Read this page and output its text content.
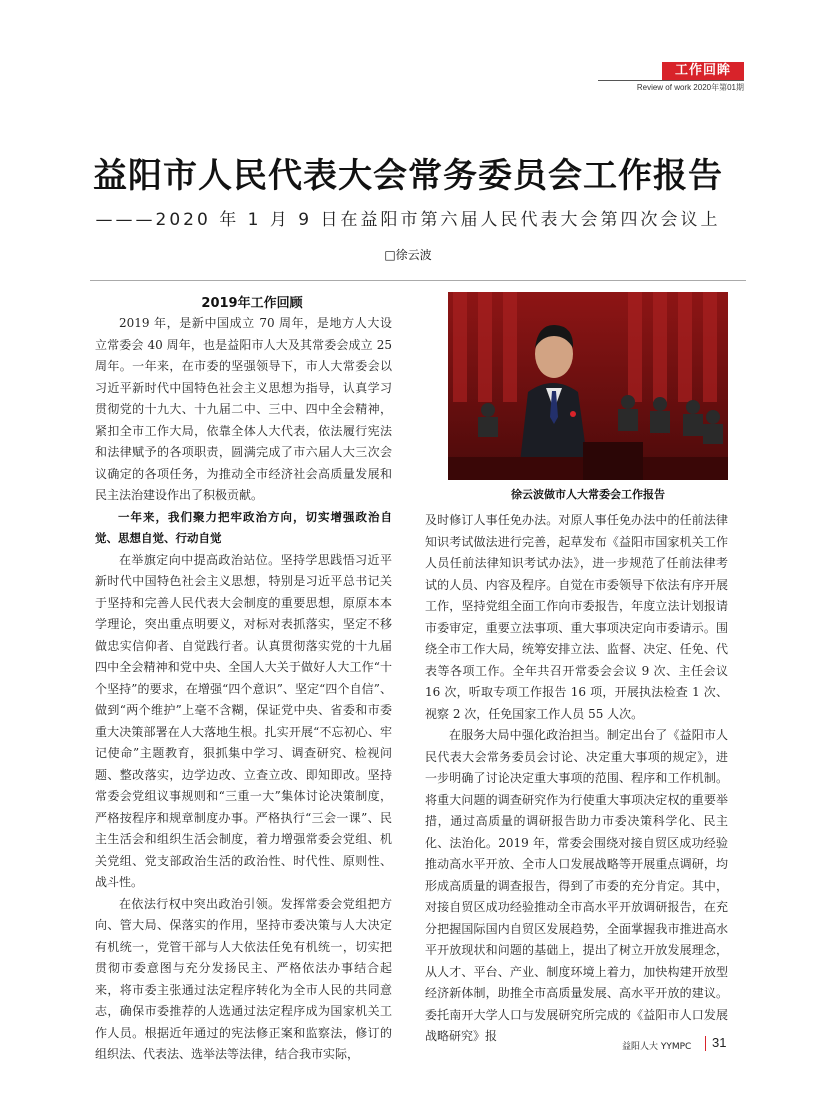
工作回眸
Review of work 2020年第01期
益阳市人民代表大会常务委员会工作报告
———2020 年 1 月 9 日在益阳市第六届人民代表大会第四次会议上
□徐云波
2019年工作回顾

2019 年，是新中国成立 70 周年，是地方人大设立常委会 40 周年，也是益阳市人大及其常委会成立 25 周年。一年来，在市委的坚强领导下，市人大常委会以习近平新时代中国特色社会主义思想为指导，认真学习贯彻党的十九大、十九届二中、三中、四中全会精神，紧扣全市工作大局，依靠全体人大代表，依法履行宪法和法律赋予的各项职责，圆满完成了市六届人大三次会议确定的各项任务，为推动全市经济社会高质量发展和民主法治建设作出了积极贡献。

一年来，我们聚力把牢政治方向，切实增强政治自觉、思想自觉、行动自觉

在举旗定向中提高政治站位。坚持学思践悟习近平新时代中国特色社会主义思想，特别是习近平总书记关于坚持和完善人民代表大会制度的重要思想，原原本本学理论，突出重点明要义，对标对表抓落实，坚定不移做忠实信仰者、自觉践行者。认真贯彻落实党的十九届四中全会精神和党中央、全国人大关于做好人大工作“十个坚持”的要求，在增强“四个意识”、坚定“四个自信”、做到“两个维护”上毫不含糊，保证党中央、省委和市委重大决策部署在人大落地生根。扎实开展“不忘初心、牢记使命”主题教育，狠抓集中学习、调查研究、检视问题、整改落实，边学边改、立查立改、即知即改。坚持常委会党组议事规则和“三重一大”集体讨论决策制度，严格按程序和规章制度办事。严格执行“三会一课”、民主生活会和组织生活会制度，着力增强常委会党组、机关党组、党支部政治生活的政治性、时代性、原则性、战斗性。

在依法行权中突出政治引领。发挥常委会党组把方向、管大局、保落实的作用，坚持市委决策与人大决定有机统一，党管干部与人大依法任免有机统一，切实把贯彻市委意图与充分发扬民主、严格依法办事结合起来，将市委主张通过法定程序转化为全市人民的共同意志，确保市委推荐的人选通过法定程序成为国家机关工作人员。根据近年通过的宪法修正案和监察法，修订的组织法、代表法、选举法等法律，结合我市实际，

徐云波做市人大常委会工作报告

及时修订人事任免办法。对原人事任免办法中的任前法律知识考试做法进行完善，起草发布《益阳市国家机关工作人员任前法律知识考试办法》，进一步规范了任前法律考试的人员、内容及程序。自觉在市委领导下依法有序开展工作，坚持党组全面工作向市委报告，年度立法计划报请市委审定，重要立法事项、重大事项决定向市委请示。围绕全市工作大局，统筹安排立法、监督、决定、任免、代表等各项工作。全年共召开常委会会议 9 次、主任会议 16 次，听取专项工作报告 16 项，开展执法检查 1 次、视察 2 次，任免国家工作人员 55 人次。

在服务大局中强化政治担当。制定出台了《益阳市人民代表大会常务委员会讨论、决定重大事项的规定》，进一步明确了讨论决定重大事项的范围、程序和工作机制。将重大问题的调查研究作为行使重大事项决定权的重要举措，通过高质量的调研报告助力市委决策科学化、民主化、法治化。2019 年，常委会围绕对接自贸区成功经验推动高水平开放、全市人口发展战略等开展重点调研，均形成高质量的调查报告，得到了市委的充分肯定。其中，对接自贸区成功经验推动全市高水平开放调研报告，在充分把握国际国内自贸区发展趋势，全面掌握我市推进高水平开放现状和问题的基础上，提出了树立开放发展理念，从人才、平台、产业、制度环境上着力，加快构建开放型经济新体制，助推全市高质量发展、高水平开放的建议。委托南开大学人口与发展研究所完成的《益阳市人口发展战略研究》报

益阳人大 YYMPC 31
